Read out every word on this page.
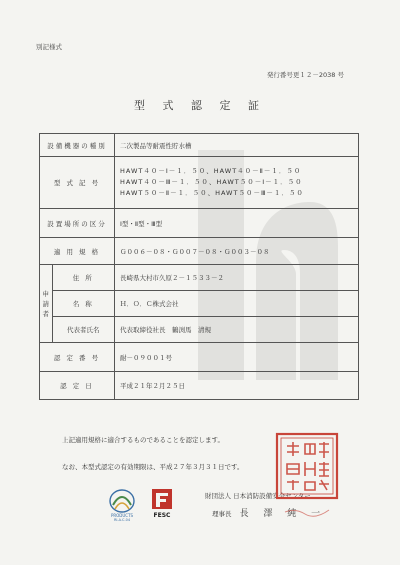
別記様式
発行番号更１２－2038 号
型 式 認 定 証
設備機器の種別		二次製品等耐震性貯水槽
型 式 記 号		HAWT４０－Ⅰ－１．５０、HAWT４０－Ⅱ－１．５０
HAWT４０－Ⅲ－１．５０、HAWT５０－Ⅰ－１．５０
HAWT５０－Ⅱ－１．５０、HAWT５０－Ⅲ－１．５０

設置場所の区分		Ⅰ型・Ⅱ型・Ⅲ型
適 用 規 格		Ｇ００６－０８・Ｇ００７－０８・Ｇ００３－０８
申請者	住 所	長崎県大村市久原２－１５３３－２
	名 称	Ｈ．Ｏ．Ｃ株式会社
	代表者氏名	代表取締役社長　鶴渕馬　清規
認 定 番 号		耐－０９００１号
認 定 日		平成２１年２月２５日
上記適用規格に適合するものであることを認定します。
なお、本型式認定の有効期限は、平成２７年３月３１日です。
PRODUCTS
RI-A.C.04
FESC
財団法人 日本消防設備安全センター
理事長 長 澤 純 一
